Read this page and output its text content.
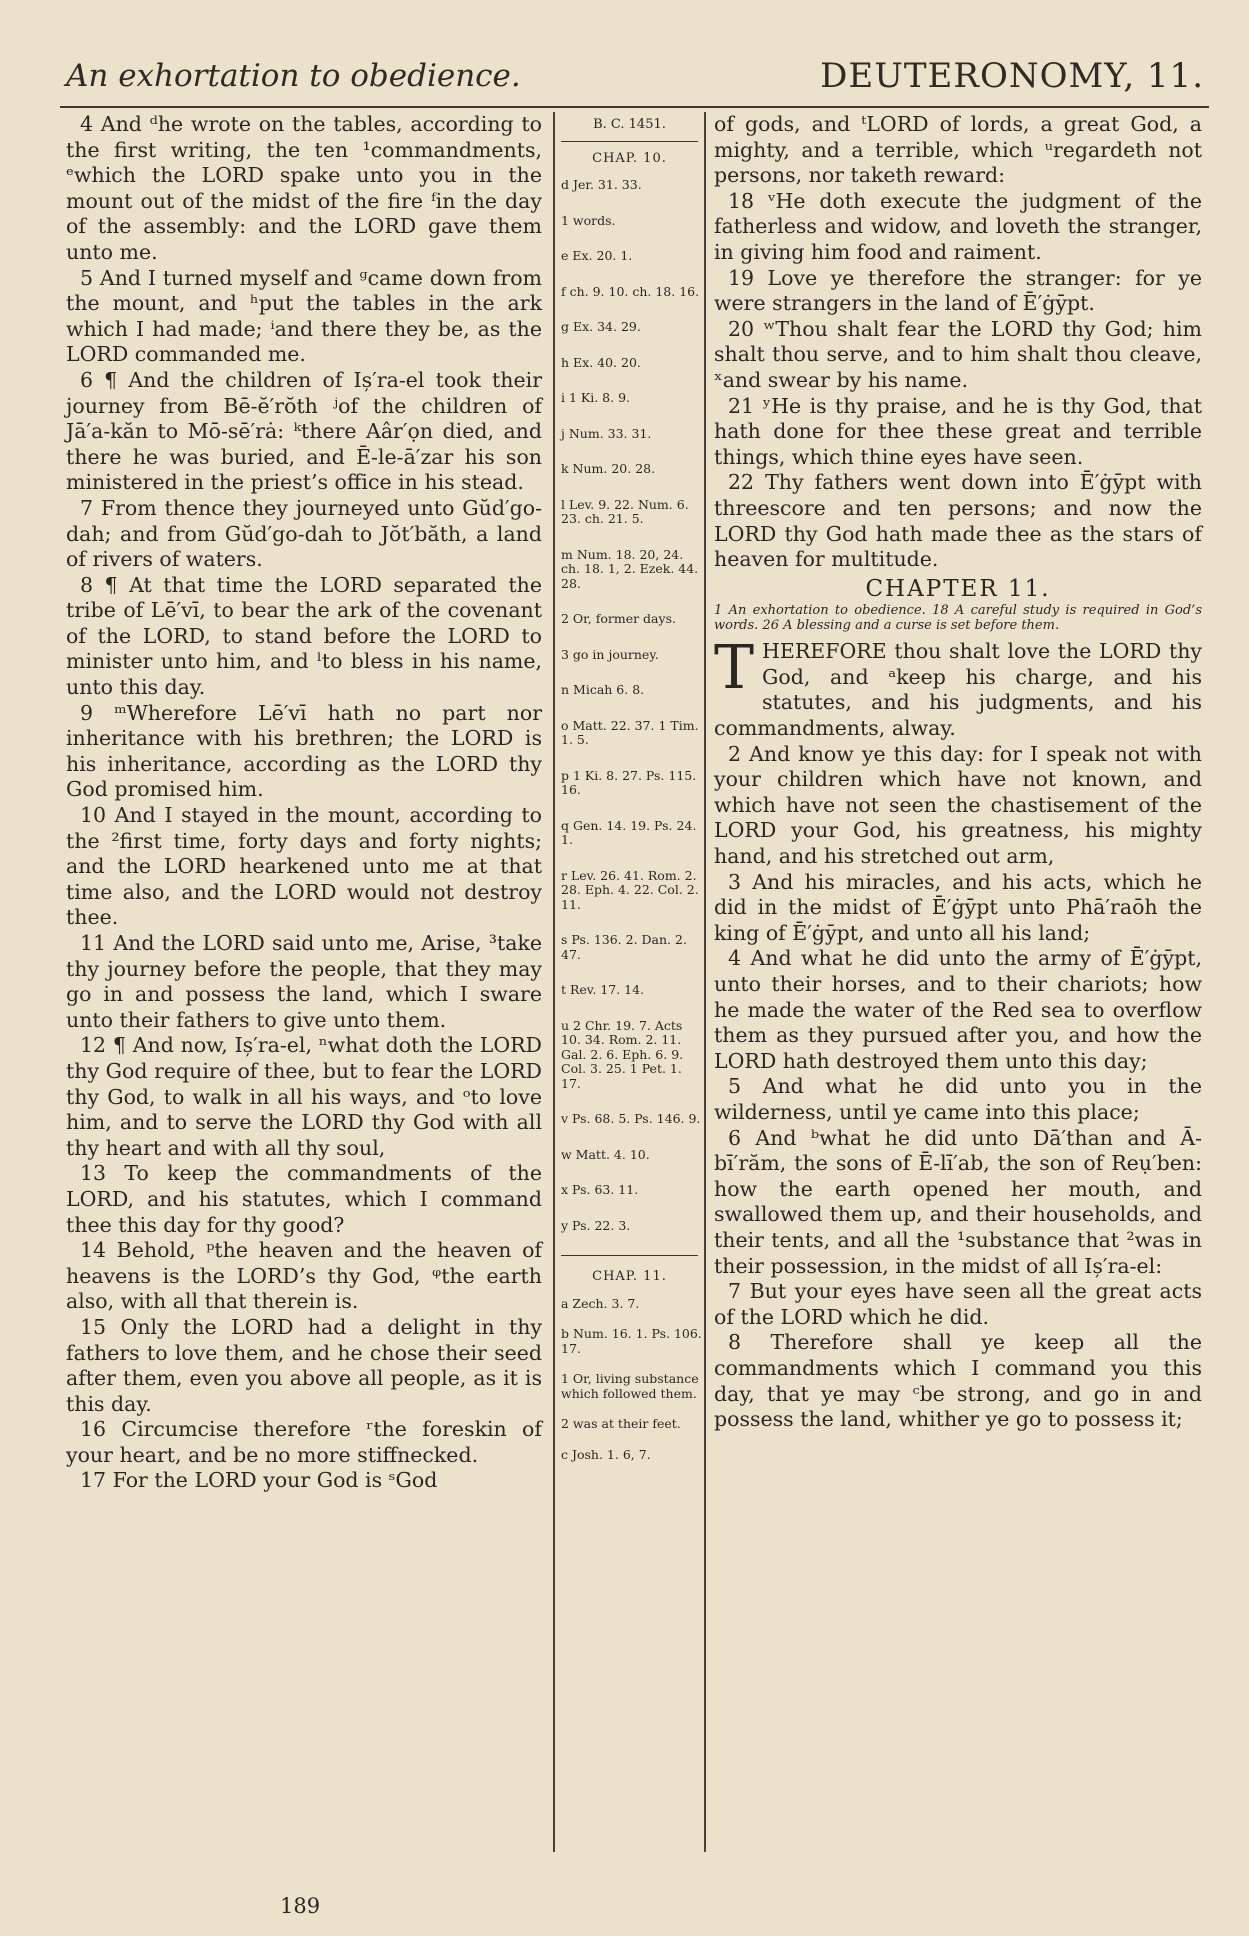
An exhortation to obedience.	DEUTERONOMY, 11.

4 And ᵈhe wrote on the tables, according to the first writing, the ten ¹commandments, ᵉwhich the LORD spake unto you in the mount out of the midst of the fire ᶠin the day of the assembly: and the LORD gave them unto me.

5 And I turned myself and ᵍcame down from the mount, and ʰput the tables in the ark which I had made; ⁱand there they be, as the LORD commanded me.

6 ¶ And the children of Iș′ra-el took their journey from Bē-ĕ′rŏth ʲof the children of Jā′a-kăn to Mō-sē′rȧ: ᵏthere Aâr′ọn died, and there he was buried, and Ē-le-ā′zar his son ministered in the priest’s office in his stead.

7 From thence they journeyed unto Gŭd′go-dah; and from Gŭd′go-dah to Jŏt′băth, a land of rivers of waters.

8 ¶ At that time the LORD separated the tribe of Lē′vī, to bear the ark of the covenant of the LORD, to stand before the LORD to minister unto him, and ˡto bless in his name, unto this day.

9 ᵐWherefore Lē′vī hath no part nor inheritance with his brethren; the LORD is his inheritance, according as the LORD thy God promised him.

10 And I stayed in the mount, according to the ²first time, forty days and forty nights; and the LORD hearkened unto me at that time also, and the LORD would not destroy thee.

11 And the LORD said unto me, Arise, ³take thy journey before the people, that they may go in and possess the land, which I sware unto their fathers to give unto them.

12 ¶ And now, Iș′ra-el, ⁿwhat doth the LORD thy God require of thee, but to fear the LORD thy God, to walk in all his ways, and ᵒto love him, and to serve the LORD thy God with all thy heart and with all thy soul,

13 To keep the commandments of the LORD, and his statutes, which I command thee this day for thy good?

14 Behold, ᵖthe heaven and the heaven of heavens is the LORD’s thy God, ᵠthe earth also, with all that therein is.

15 Only the LORD had a delight in thy fathers to love them, and he chose their seed after them, even you above all people, as it is this day.

16 Circumcise therefore ʳthe foreskin of your heart, and be no more stiffnecked.

17 For the LORD your God is ˢGod

B. C. 1451.
CHAP. 10.
d Jer. 31. 33.
1 words.
e Ex. 20. 1.
f ch. 9. 10. ch. 18. 16.
g Ex. 34. 29.
h Ex. 40. 20.
i 1 Ki. 8. 9.
j Num. 33. 31.
k Num. 20. 28.
l Lev. 9. 22. Num. 6. 23. ch. 21. 5.
m Num. 18. 20, 24. ch. 18. 1, 2. Ezek. 44. 28.
2 Or, former days.
3 go in journey.
n Micah 6. 8.
o Matt. 22. 37. 1 Tim. 1. 5.
p 1 Ki. 8. 27. Ps. 115. 16.
q Gen. 14. 19. Ps. 24. 1.
r Lev. 26. 41. Rom. 2. 28. Eph. 4. 22. Col. 2. 11.
s Ps. 136. 2. Dan. 2. 47.
t Rev. 17. 14.
u 2 Chr. 19. 7. Acts 10. 34. Rom. 2. 11. Gal. 2. 6. Eph. 6. 9. Col. 3. 25. 1 Pet. 1. 17.
v Ps. 68. 5. Ps. 146. 9.
w Matt. 4. 10.
x Ps. 63. 11.
y Ps. 22. 3.
CHAP. 11.
a Zech. 3. 7.
b Num. 16. 1. Ps. 106. 17.
1 Or, living substance which followed them.
2 was at their feet.
c Josh. 1. 6, 7.

of gods, and ᵗLORD of lords, a great God, a mighty, and a terrible, which ᵘregardeth not persons, nor taketh reward:

18 ᵛHe doth execute the judgment of the fatherless and widow, and loveth the stranger, in giving him food and raiment.

19 Love ye therefore the stranger: for ye were strangers in the land of Ē′ġȳpt.

20 ʷThou shalt fear the LORD thy God; him shalt thou serve, and to him shalt thou cleave, ˣand swear by his name.

21 ʸHe is thy praise, and he is thy God, that hath done for thee these great and terrible things, which thine eyes have seen.

22 Thy fathers went down into Ē′ġȳpt with threescore and ten persons; and now the LORD thy God hath made thee as the stars of heaven for multitude.

CHAPTER 11.
1 An exhortation to obedience. 18 A careful study is required in God’s words. 26 A blessing and a curse is set before them.

THEREFORE thou shalt love the LORD thy God, and ᵃkeep his charge, and his statutes, and his judgments, and his commandments, alway.

2 And know ye this day: for I speak not with your children which have not known, and which have not seen the chastisement of the LORD your God, his greatness, his mighty hand, and his stretched out arm,

3 And his miracles, and his acts, which he did in the midst of Ē′ġȳpt unto Phā′raōh the king of Ē′ġȳpt, and unto all his land;

4 And what he did unto the army of Ē′ġȳpt, unto their horses, and to their chariots; how he made the water of the Red sea to overflow them as they pursued after you, and how the LORD hath destroyed them unto this day;

5 And what he did unto you in the wilderness, until ye came into this place;

6 And ᵇwhat he did unto Dā′than and Ā-bī′răm, the sons of Ē-lī′ab, the son of Reụ′ben: how the earth opened her mouth, and swallowed them up, and their households, and their tents, and all the ¹substance that ²was in their possession, in the midst of all Iș′ra-el:

7 But your eyes have seen all the great acts of the LORD which he did.

8 Therefore shall ye keep all the commandments which I command you this day, that ye may ᶜbe strong, and go in and possess the land, whither ye go to possess it;

189
